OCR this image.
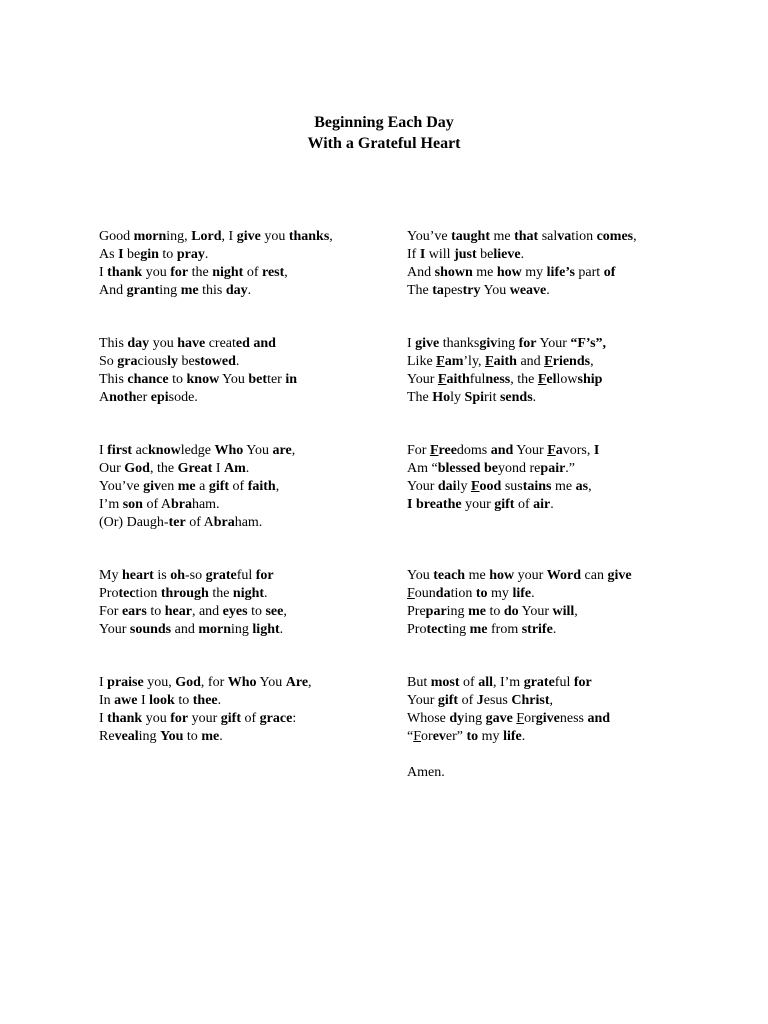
Beginning Each Day
With a Grateful Heart
Good morning, Lord, I give you thanks,
As I begin to pray.
I thank you for the night of rest,
And granting me this day.
This day you have created and
So graciously bestowed.
This chance to know You better in
Another episode.
I first acknowledge Who You are,
Our God, the Great I Am.
You’ve given me a gift of faith,
I’m son of Abraham.
(Or) Daugh-ter of Abraham.
My heart is oh-so grateful for
Protection through the night.
For ears to hear, and eyes to see,
Your sounds and morning light.
I praise you, God, for Who You Are,
In awe I look to thee.
I thank you for your gift of grace:
Revealing You to me.
You’ve taught me that salvation comes,
If I will just believe.
And shown me how my life’s part of
The tapestry You weave.
I give thanksgiving for Your “F’s”,
Like Fam’ly, Faith and Friends,
Your Faithfulness, the Fellowship
The Holy Spirit sends.
For Freedoms and Your Favors, I
Am “blessed beyond repair.”
Your daily Food sustains me as,
I breathe your gift of air.
You teach me how your Word can give
Foundation to my life.
Preparing me to do Your will,
Protecting me from strife.
But most of all, I’m grateful for
Your gift of Jesus Christ,
Whose dying gave Forgiveness and
“Forever” to my life.

Amen.
